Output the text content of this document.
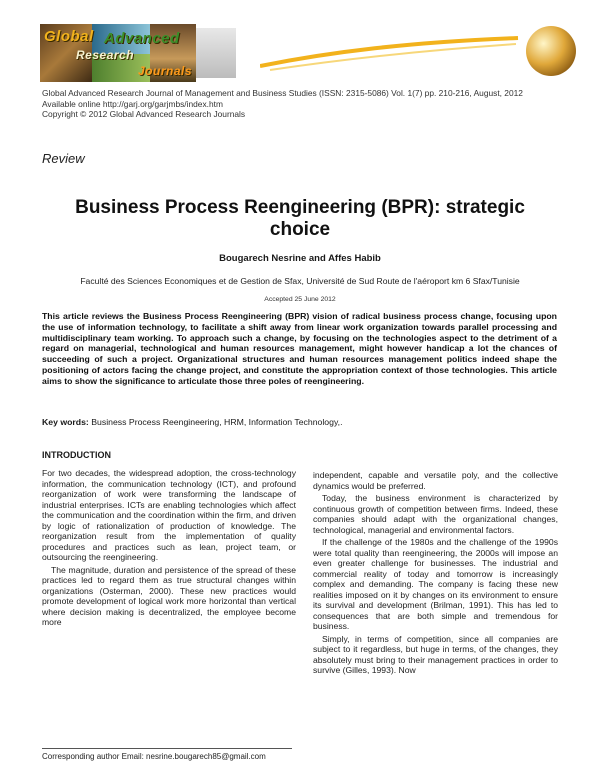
Global Advanced
Research
Journals
Global Advanced Research Journal of Management and Business Studies (ISSN: 2315-5086) Vol. 1(7) pp. 210-216, August, 2012
Available online http://garj.org/garjmbs/index.htm
Copyright © 2012 Global Advanced Research Journals
Review
Business Process Reengineering (BPR): strategic
choice
Bougarech Nesrine and Affes Habib
Faculté des Sciences Economiques et de Gestion de Sfax, Université de Sud Route de l'aéroport km 6 Sfax/Tunisie
Accepted 25 June 2012
This article reviews the Business Process Reengineering (BPR) vision of radical business process change, focusing upon the use of information technology, to facilitate a shift away from linear work organization towards parallel processing and multidisciplinary team working. To approach such a change, by focusing on the technologies aspect to the detriment of a regard on managerial, technological and human resources management, might however handicap a lot the chances of succeeding of such a project. Organizational structures and human resources management politics indeed shape the positioning of actors facing the change project, and constitute the appropriation context of those technologies. This article aims to show the significance to articulate those three poles of reengineering.
Key words: Business Process Reengineering, HRM, Information Technology,.
INTRODUCTION

For two decades, the widespread adoption, the cross-technology information, the communication technology (ICT), and profound reorganization of work were transforming the landscape of industrial enterprises. ICTs are enabling technologies which affect the communication and the coordination within the firm, and driven by logic of rationalization of production of knowledge. The reorganization result from the implementation of quality procedures and practices such as lean, project team, or outsourcing the reengineering.

The magnitude, duration and persistence of the spread of these practices led to regard them as true structural changes within organizations (Osterman, 2000). These new practices would promote development of logical work more horizontal than vertical where decision making is decentralized, the employee become more

independent, capable and versatile poly, and the collective dynamics would be preferred.

Today, the business environment is characterized by continuous growth of competition between firms. Indeed, these companies should adapt with the organizational changes, technological, managerial and environmental factors.

If the challenge of the 1980s and the challenge of the 1990s were total quality than reengineering, the 2000s will impose an even greater challenge for businesses. The industrial and commercial reality of today and tomorrow is increasingly complex and demanding. The company is facing these new realities imposed on it by changes on its environment to ensure its survival and development (Brilman, 1991). This has led to consequences that are both simple and tremendous for business.

Simply, in terms of competition, since all companies are subject to it regardless, but huge in terms, of the changes, they absolutely must bring to their management practices in order to survive (Gilles, 1993). Now

Corresponding author Email: nesrine.bougarech85@gmail.com
